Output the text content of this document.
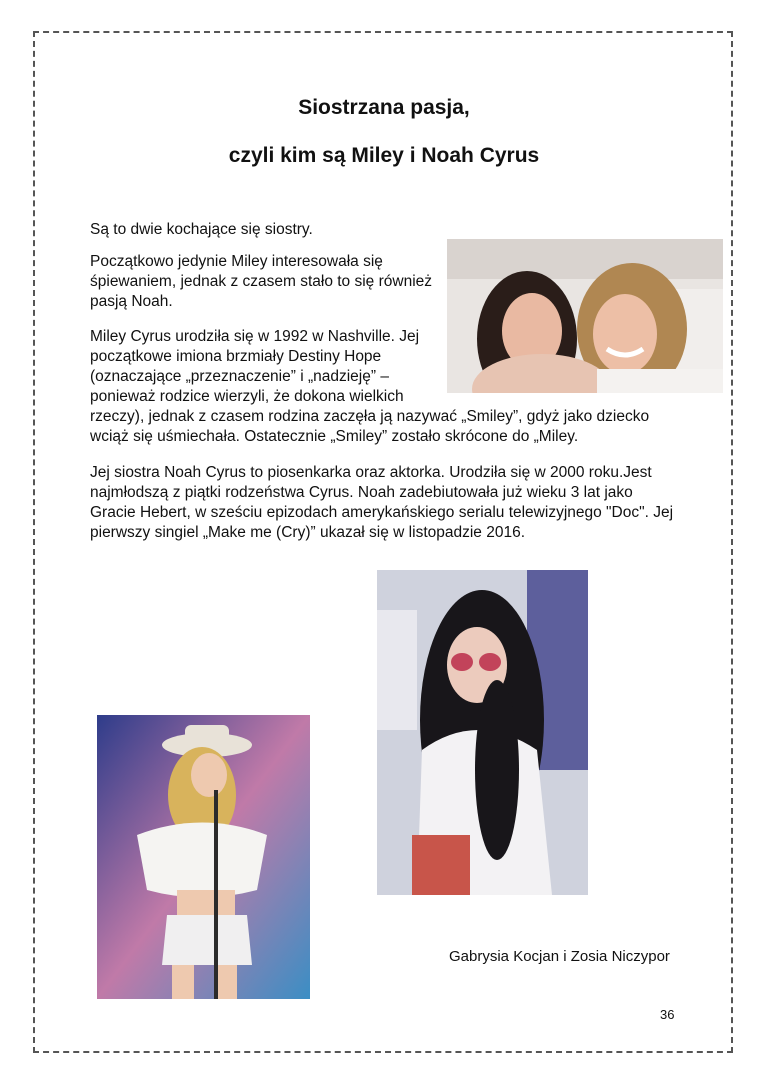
Siostrzana pasja,
czyli kim są Miley i Noah Cyrus

Są to dwie kochające się siostry.

Początkowo jedynie Miley interesowała się
śpiewaniem, jednak z czasem stało to się również
pasją Noah.

Miley Cyrus urodziła się w 1992 w Nashville. Jej
początkowe imiona brzmiały Destiny Hope
(oznaczające „przeznaczenie” i „nadzieję” –
ponieważ rodzice wierzyli, że dokona wielkich
rzeczy), jednak z czasem rodzina zaczęła ją nazywać „Smiley”, gdyż jako dziecko
wciąż się uśmiechała. Ostatecznie „Smiley” zostało skrócone do „Miley.

Jej siostra Noah Cyrus to piosenkarka oraz aktorka. Urodziła się w 2000 roku.Jest
najmłodszą z piątki rodzeństwa Cyrus. Noah zadebiutowała już wieku 3 lat jako
Gracie Hebert, w sześciu epizodach amerykańskiego serialu telewizyjnego "Doc". Jej
pierwszy singiel „Make me (Cry)” ukazał się w listopadzie 2016.

Gabrysia Kocjan i Zosia Niczypor
36
